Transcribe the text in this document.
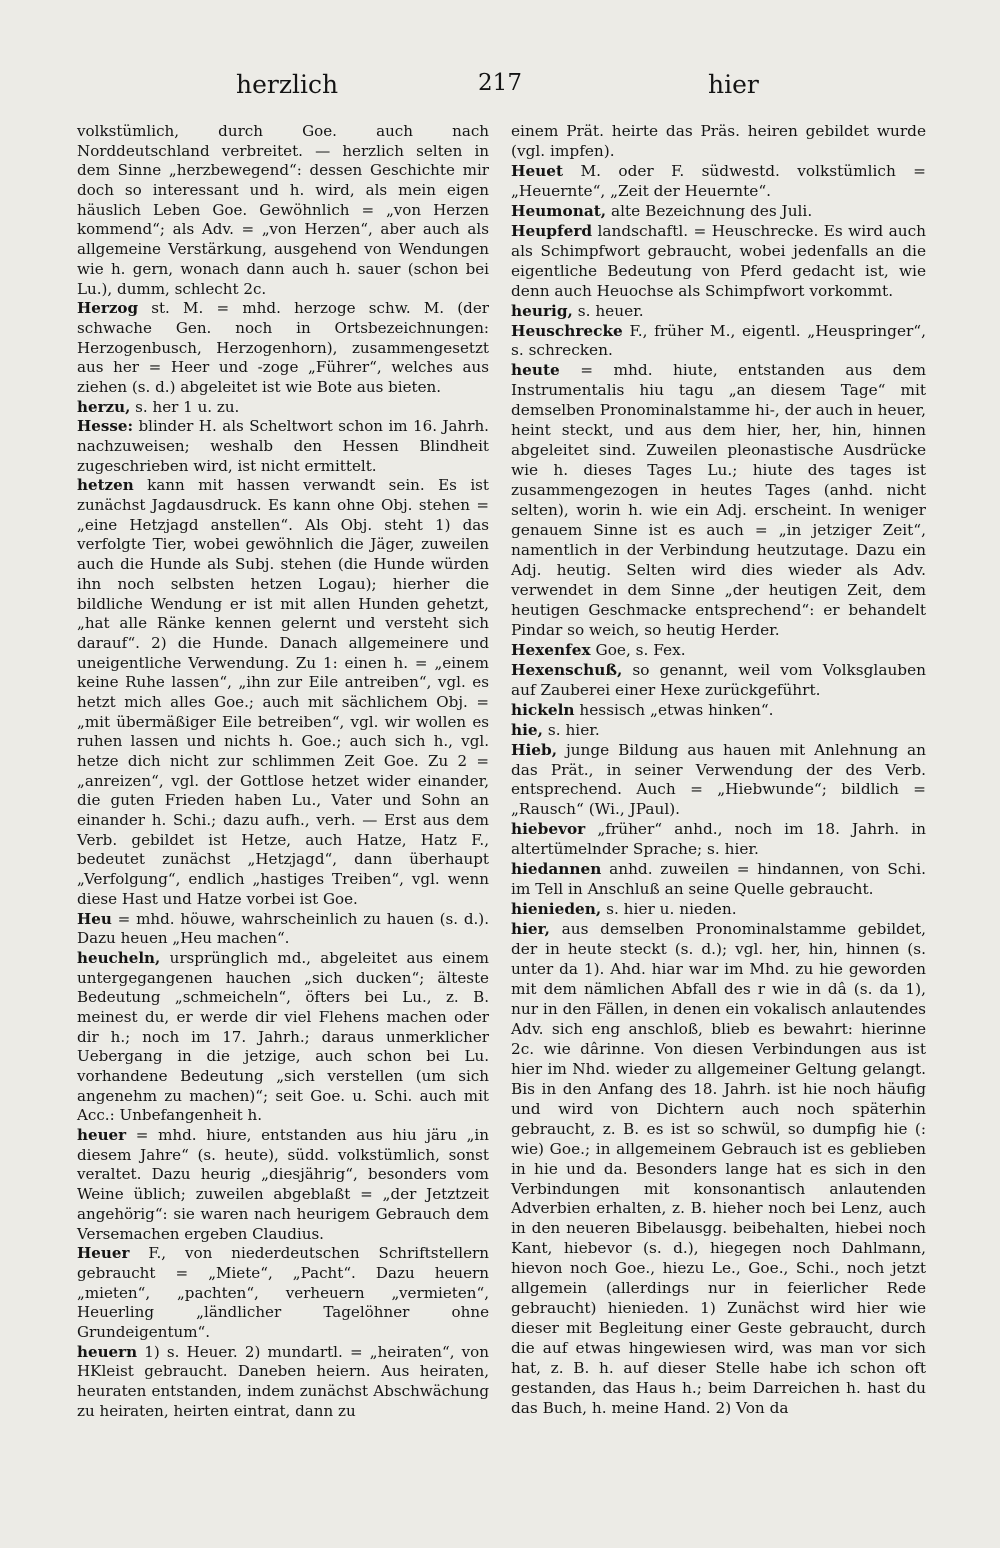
herzlich	217	hier

volkstümlich, durch Goe. auch nach Norddeutschland verbreitet. — herzlich selten in dem Sinne „herzbewegend“: dessen Geschichte mir doch so interessant und h. wird, als mein eigen häuslich Leben Goe. Gewöhnlich = „von Herzen kommend“; als Adv. = „von Herzen“, aber auch als allgemeine Verstärkung, ausgehend von Wendungen wie h. gern, wonach dann auch h. sauer (schon bei Lu.), dumm, schlecht 2c.

Herzog st. M. = mhd. herzoge schw. M. (der schwache Gen. noch in Ortsbezeichnungen: Herzogenbusch, Herzogenhorn), zusammengesetzt aus her = Heer und -zoge „Führer“, welches aus ziehen (s. d.) abgeleitet ist wie Bote aus bieten.

herzu, s. her 1 u. zu.

Hesse: blinder H. als Scheltwort schon im 16. Jahrh. nachzuweisen; weshalb den Hessen Blindheit zugeschrieben wird, ist nicht ermittelt.

hetzen kann mit hassen verwandt sein. Es ist zunächst Jagdausdruck. Es kann ohne Obj. stehen = „eine Hetzjagd anstellen“. Als Obj. steht 1) das verfolgte Tier, wobei gewöhnlich die Jäger, zuweilen auch die Hunde als Subj. stehen (die Hunde würden ihn noch selbsten hetzen Logau); hierher die bildliche Wendung er ist mit allen Hunden gehetzt, „hat alle Ränke kennen gelernt und versteht sich darauf“. 2) die Hunde. Danach allgemeinere und uneigentliche Verwendung. Zu 1: einen h. = „einem keine Ruhe lassen“, „ihn zur Eile antreiben“, vgl. es hetzt mich alles Goe.; auch mit sächlichem Obj. = „mit übermäßiger Eile betreiben“, vgl. wir wollen es ruhen lassen und nichts h. Goe.; auch sich h., vgl. hetze dich nicht zur schlimmen Zeit Goe. Zu 2 = „anreizen“, vgl. der Gottlose hetzet wider einander, die guten Frieden haben Lu., Vater und Sohn an einander h. Schi.; dazu aufh., verh. — Erst aus dem Verb. gebildet ist Hetze, auch Hatze, Hatz F., bedeutet zunächst „Hetzjagd“, dann überhaupt „Verfolgung“, endlich „hastiges Treiben“, vgl. wenn diese Hast und Hatze vorbei ist Goe.

Heu = mhd. höuwe, wahrscheinlich zu hauen (s. d.). Dazu heuen „Heu machen“.

heucheln, ursprünglich md., abgeleitet aus einem untergegangenen hauchen „sich ducken“; älteste Bedeutung „schmeicheln“, öfters bei Lu., z. B. meinest du, er werde dir viel Flehens machen oder dir h.; noch im 17. Jahrh.; daraus unmerklicher Uebergang in die jetzige, auch schon bei Lu. vorhandene Bedeutung „sich verstellen (um sich angenehm zu machen)“; seit Goe. u. Schi. auch mit Acc.: Unbefangenheit h.

heuer = mhd. hiure, entstanden aus hiu järu „in diesem Jahre“ (s. heute), südd. volkstümlich, sonst veraltet. Dazu heurig „diesjährig“, besonders vom Weine üblich; zuweilen abgeblaßt = „der Jetztzeit angehörig“: sie waren nach heurigem Gebrauch dem Versemachen ergeben Claudius.

Heuer F., von niederdeutschen Schriftstellern gebraucht = „Miete“, „Pacht“. Dazu heuern „mieten“, „pachten“, verheuern „vermieten“, Heuerling „ländlicher Tagelöhner ohne Grundeigentum“.

heuern 1) s. Heuer. 2) mundartl. = „heiraten“, von HKleist gebraucht. Daneben heiern. Aus heiraten, heuraten entstanden, indem zunächst Abschwächung zu heiraten, heirten eintrat, dann zu

einem Prät. heirte das Präs. heiren gebildet wurde (vgl. impfen).

Heuet M. oder F. südwestd. volkstümlich = „Heuernte“, „Zeit der Heuernte“.

Heumonat, alte Bezeichnung des Juli.

Heupferd landschaftl. = Heuschrecke. Es wird auch als Schimpfwort gebraucht, wobei jedenfalls an die eigentliche Bedeutung von Pferd gedacht ist, wie denn auch Heuochse als Schimpfwort vorkommt.

heurig, s. heuer.

Heuschrecke F., früher M., eigentl. „Heuspringer“, s. schrecken.

heute = mhd. hiute, entstanden aus dem Instrumentalis hiu tagu „an diesem Tage“ mit demselben Pronominalstamme hi-, der auch in heuer, heint steckt, und aus dem hier, her, hin, hinnen abgeleitet sind. Zuweilen pleonastische Ausdrücke wie h. dieses Tages Lu.; hiute des tages ist zusammengezogen in heutes Tages (anhd. nicht selten), worin h. wie ein Adj. erscheint. In weniger genauem Sinne ist es auch = „in jetziger Zeit“, namentlich in der Verbindung heutzutage. Dazu ein Adj. heutig. Selten wird dies wieder als Adv. verwendet in dem Sinne „der heutigen Zeit, dem heutigen Geschmacke entsprechend“: er behandelt Pindar so weich, so heutig Herder.

Hexenfex Goe, s. Fex.

Hexenschuß, so genannt, weil vom Volksglauben auf Zauberei einer Hexe zurückgeführt.

hickeln hessisch „etwas hinken“.

hie, s. hier.

Hieb, junge Bildung aus hauen mit Anlehnung an das Prät., in seiner Verwendung der des Verb. entsprechend. Auch = „Hiebwunde“; bildlich = „Rausch“ (Wi., JPaul).

hiebevor „früher“ anhd., noch im 18. Jahrh. in altertümelnder Sprache; s. hier.

hiedannen anhd. zuweilen = hindannen, von Schi. im Tell in Anschluß an seine Quelle gebraucht.

hienieden, s. hier u. nieden.

hier, aus demselben Pronominalstamme gebildet, der in heute steckt (s. d.); vgl. her, hin, hinnen (s. unter da 1). Ahd. hiar war im Mhd. zu hie geworden mit dem nämlichen Abfall des r wie in dâ (s. da 1), nur in den Fällen, in denen ein vokalisch anlautendes Adv. sich eng anschloß, blieb es bewahrt: hierinne 2c. wie dârinne. Von diesen Verbindungen aus ist hier im Nhd. wieder zu allgemeiner Geltung gelangt. Bis in den Anfang des 18. Jahrh. ist hie noch häufig und wird von Dichtern auch noch späterhin gebraucht, z. B. es ist so schwül, so dumpfig hie (: wie) Goe.; in allgemeinem Gebrauch ist es geblieben in hie und da. Besonders lange hat es sich in den Verbindungen mit konsonantisch anlautenden Adverbien erhalten, z. B. hieher noch bei Lenz, auch in den neueren Bibelausgg. beibehalten, hiebei noch Kant, hiebevor (s. d.), hiegegen noch Dahlmann, hievon noch Goe., hiezu Le., Goe., Schi., noch jetzt allgemein (allerdings nur in feierlicher Rede gebraucht) hienieden. 1) Zunächst wird hier wie dieser mit Begleitung einer Geste gebraucht, durch die auf etwas hingewiesen wird, was man vor sich hat, z. B. h. auf dieser Stelle habe ich schon oft gestanden, das Haus h.; beim Darreichen h. hast du das Buch, h. meine Hand. 2) Von da
